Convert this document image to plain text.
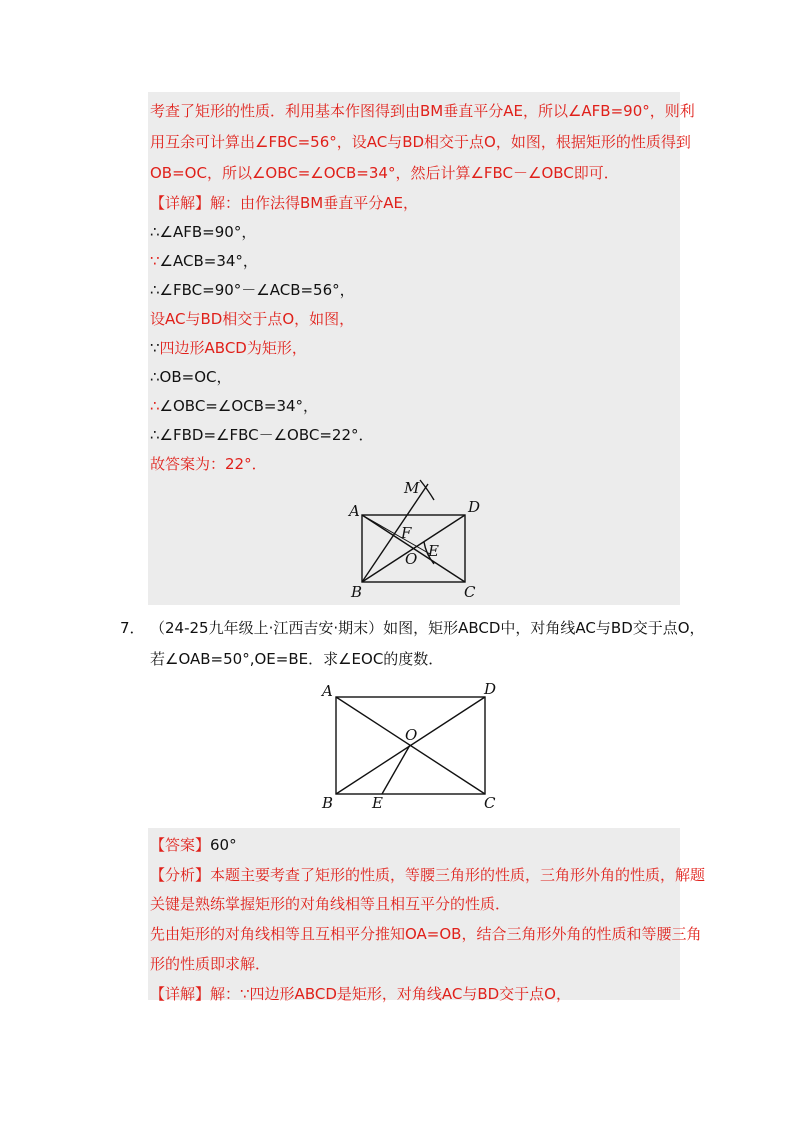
考查了矩形的性质．利用基本作图得到由BM垂直平分AE，所以∠AFB=90°，则利
用互余可计算出∠FBC=56°，设AC与BD相交于点O，如图，根据矩形的性质得到
OB=OC，所以∠OBC=∠OCB=34°，然后计算∠FBC－∠OBC即可．
【详解】解：由作法得BM垂直平分AE，
∴∠AFB=90°，
∵∠ACB=34°，
∴∠FBC=90°－∠ACB=56°，
设AC与BD相交于点O，如图，
∵四边形ABCD为矩形，
∴OB=OC，
∴∠OBC=∠OCB=34°，
∴∠FBD=∠FBC－∠OBC=22°．
故答案为：22°．
M
A	D
F
E
O
B	C
7． （24-25九年级上·江西吉安·期末）如图，矩形ABCD中，对角线AC与BD交于点O，
若∠OAB=50°,OE=BE．求∠EOC的度数．
A	D
O
B	E	C
【答案】60°
【分析】本题主要考查了矩形的性质，等腰三角形的性质，三角形外角的性质，解题
关键是熟练掌握矩形的对角线相等且相互平分的性质．
先由矩形的对角线相等且互相平分推知OA=OB，结合三角形外角的性质和等腰三角
形的性质即求解．
【详解】解：∵四边形ABCD是矩形，对角线AC与BD交于点O，
